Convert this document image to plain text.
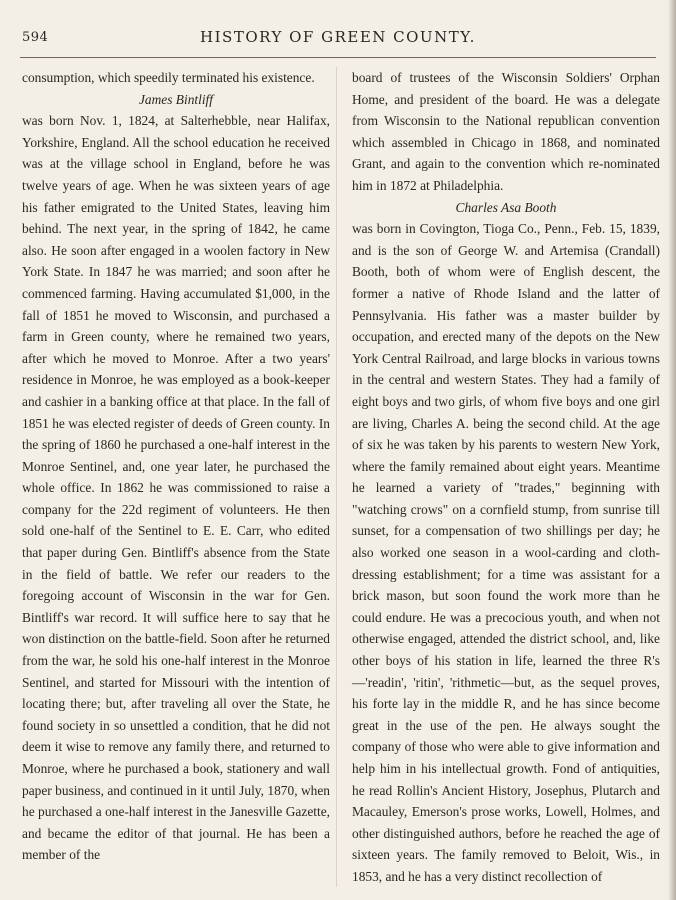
594	HISTORY OF GREEN COUNTY.

consumption, which speedily terminated his existence.

James Bintliff

was born Nov. 1, 1824, at Salterhebble, near Halifax, Yorkshire, England. All the school education he received was at the village school in England, before he was twelve years of age. When he was sixteen years of age his father emigrated to the United States, leaving him behind. The next year, in the spring of 1842, he came also. He soon after engaged in a woolen factory in New York State. In 1847 he was married; and soon after he commenced farming. Having accumulated $1,000, in the fall of 1851 he moved to Wisconsin, and purchased a farm in Green county, where he remained two years, after which he moved to Monroe. After a two years' residence in Monroe, he was employed as a book-keeper and cashier in a banking office at that place. In the fall of 1851 he was elected register of deeds of Green county. In the spring of 1860 he purchased a one-half interest in the Monroe Sentinel, and, one year later, he purchased the whole office. In 1862 he was commissioned to raise a company for the 22d regiment of volunteers. He then sold one-half of the Sentinel to E. E. Carr, who edited that paper during Gen. Bintliff's absence from the State in the field of battle. We refer our readers to the foregoing account of Wisconsin in the war for Gen. Bintliff's war record. It will suffice here to say that he won distinction on the battle-field. Soon after he returned from the war, he sold his one-half interest in the Monroe Sentinel, and started for Missouri with the intention of locating there; but, after traveling all over the State, he found society in so unsettled a condition, that he did not deem it wise to remove any family there, and returned to Monroe, where he purchased a book, stationery and wall paper business, and continued in it until July, 1870, when he purchased a one-half interest in the Janesville Gazette, and became the editor of that journal. He has been a member of the

board of trustees of the Wisconsin Soldiers' Orphan Home, and president of the board. He was a delegate from Wisconsin to the National republican convention which assembled in Chicago in 1868, and nominated Grant, and again to the convention which re-nominated him in 1872 at Philadelphia.

Charles Asa Booth

was born in Covington, Tioga Co., Penn., Feb. 15, 1839, and is the son of George W. and Artemisa (Crandall) Booth, both of whom were of English descent, the former a native of Rhode Island and the latter of Pennsylvania. His father was a master builder by occupation, and erected many of the depots on the New York Central Railroad, and large blocks in various towns in the central and western States. They had a family of eight boys and two girls, of whom five boys and one girl are living, Charles A. being the second child. At the age of six he was taken by his parents to western New York, where the family remained about eight years. Meantime he learned a variety of "trades," beginning with "watching crows" on a cornfield stump, from sunrise till sunset, for a compensation of two shillings per day; he also worked one season in a wool-carding and cloth-dressing establishment; for a time was assistant for a brick mason, but soon found the work more than he could endure. He was a precocious youth, and when not otherwise engaged, attended the district school, and, like other boys of his station in life, learned the three R's—'readin', 'ritin', 'rithmetic—but, as the sequel proves, his forte lay in the middle R, and he has since become great in the use of the pen. He always sought the company of those who were able to give information and help him in his intellectual growth. Fond of antiquities, he read Rollin's Ancient History, Josephus, Plutarch and Macauley, Emerson's prose works, Lowell, Holmes, and other distinguished authors, before he reached the age of sixteen years. The family removed to Beloit, Wis., in 1853, and he has a very distinct recollection of
